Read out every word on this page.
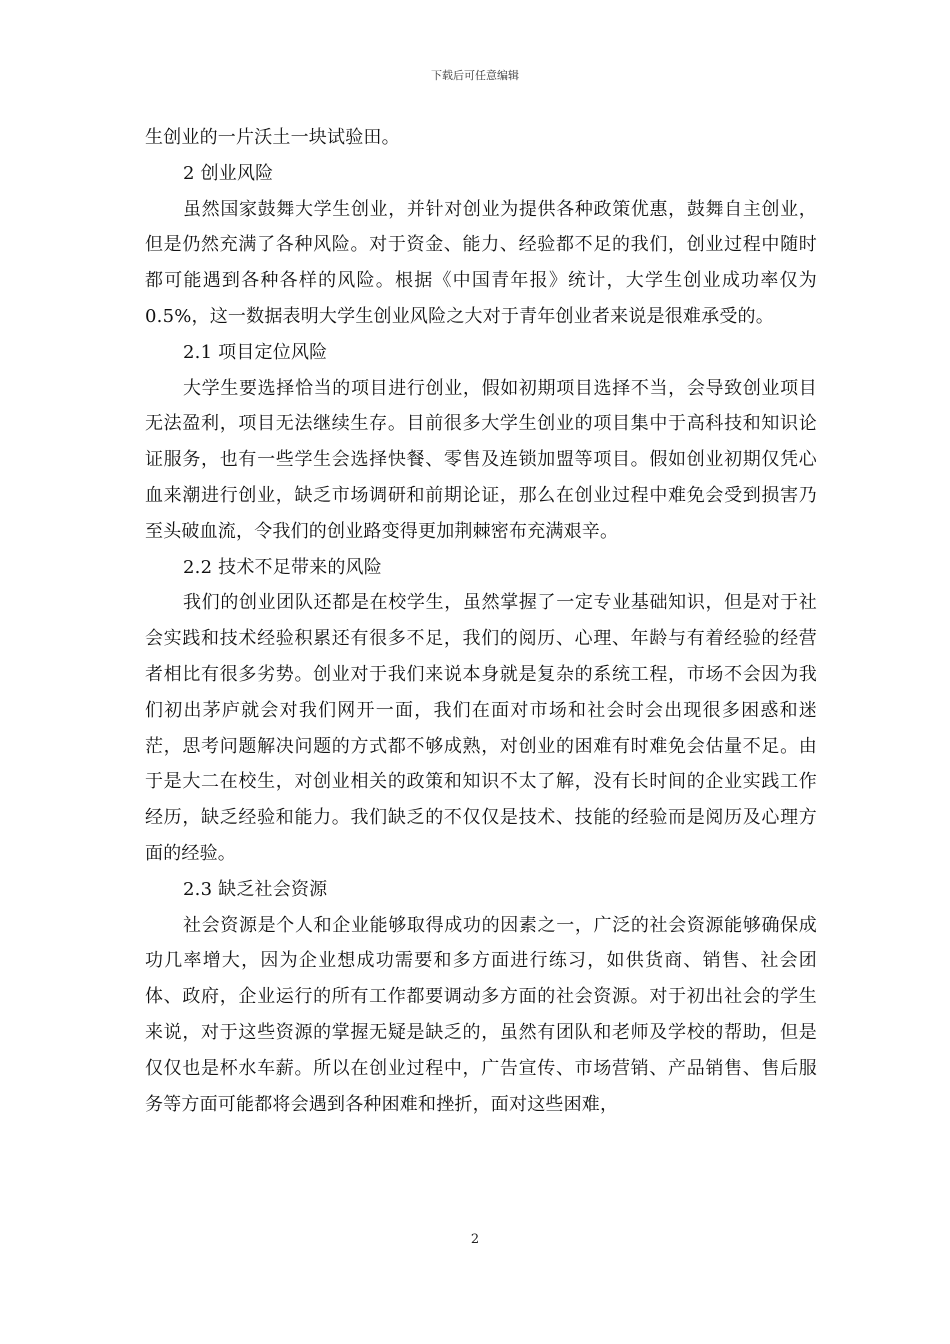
下载后可任意编辑

生创业的一片沃土一块试验田。

2 创业风险

虽然国家鼓舞大学生创业，并针对创业为提供各种政策优惠，鼓舞自主创业，但是仍然充满了各种风险。对于资金、能力、经验都不足的我们，创业过程中随时都可能遇到各种各样的风险。根据《中国青年报》统计，大学生创业成功率仅为 0.5%，这一数据表明大学生创业风险之大对于青年创业者来说是很难承受的。

2.1 项目定位风险

大学生要选择恰当的项目进行创业，假如初期项目选择不当，会导致创业项目无法盈利，项目无法继续生存。目前很多大学生创业的项目集中于高科技和知识论证服务，也有一些学生会选择快餐、零售及连锁加盟等项目。假如创业初期仅凭心血来潮进行创业，缺乏市场调研和前期论证，那么在创业过程中难免会受到损害乃至头破血流，令我们的创业路变得更加荆棘密布充满艰辛。

2.2 技术不足带来的风险

我们的创业团队还都是在校学生，虽然掌握了一定专业基础知识，但是对于社会实践和技术经验积累还有很多不足，我们的阅历、心理、年龄与有着经验的经营者相比有很多劣势。创业对于我们来说本身就是复杂的系统工程，市场不会因为我们初出茅庐就会对我们网开一面，我们在面对市场和社会时会出现很多困惑和迷茫，思考问题解决问题的方式都不够成熟，对创业的困难有时难免会估量不足。由于是大二在校生，对创业相关的政策和知识不太了解，没有长时间的企业实践工作经历，缺乏经验和能力。我们缺乏的不仅仅是技术、技能的经验而是阅历及心理方面的经验。

2.3 缺乏社会资源

社会资源是个人和企业能够取得成功的因素之一，广泛的社会资源能够确保成功几率增大，因为企业想成功需要和多方面进行练习，如供货商、销售、社会团体、政府，企业运行的所有工作都要调动多方面的社会资源。对于初出社会的学生来说，对于这些资源的掌握无疑是缺乏的，虽然有团队和老师及学校的帮助，但是仅仅也是杯水车薪。所以在创业过程中，广告宣传、市场营销、产品销售、售后服务等方面可能都将会遇到各种困难和挫折，面对这些困难，

2
